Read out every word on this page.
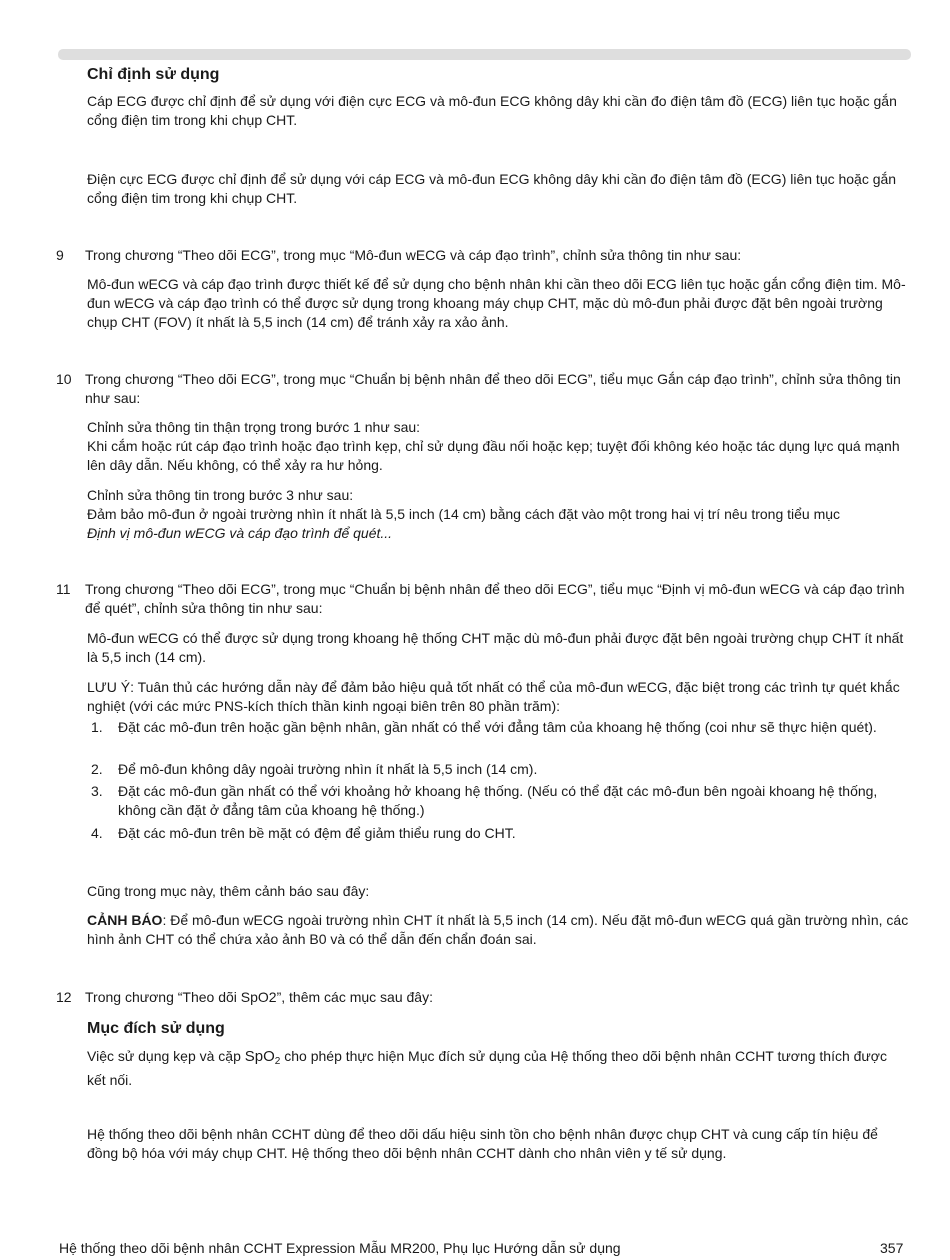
Chỉ định sử dụng
Cáp ECG được chỉ định để sử dụng với điện cực ECG và mô-đun ECG không dây khi cần đo điện tâm đồ (ECG) liên tục hoặc gắn cổng điện tim trong khi chụp CHT.
Điện cực ECG được chỉ định để sử dụng với cáp ECG và mô-đun ECG không dây khi cần đo điện tâm đồ (ECG) liên tục hoặc gắn cổng điện tim trong khi chụp CHT.
9 Trong chương “Theo dõi ECG”, trong mục “Mô-đun wECG và cáp đạo trình”, chỉnh sửa thông tin như sau:
Mô-đun wECG và cáp đạo trình được thiết kế để sử dụng cho bệnh nhân khi cần theo dõi ECG liên tục hoặc gắn cổng điện tim. Mô-đun wECG và cáp đạo trình có thể được sử dụng trong khoang máy chụp CHT, mặc dù mô-đun phải được đặt bên ngoài trường chụp CHT (FOV) ít nhất là 5,5 inch (14 cm) để tránh xảy ra xảo ảnh.
10 Trong chương “Theo dõi ECG”, trong mục “Chuẩn bị bệnh nhân để theo dõi ECG”, tiểu mục Gắn cáp đạo trình”, chỉnh sửa thông tin như sau:
Chỉnh sửa thông tin thận trọng trong bước 1 như sau:
Khi cắm hoặc rút cáp đạo trình hoặc đạo trình kẹp, chỉ sử dụng đầu nối hoặc kẹp; tuyệt đối không kéo hoặc tác dụng lực quá mạnh lên dây dẫn. Nếu không, có thể xảy ra hư hỏng.
Chỉnh sửa thông tin trong bước 3 như sau:
Đảm bảo mô-đun ở ngoài trường nhìn ít nhất là 5,5 inch (14 cm) bằng cách đặt vào một trong hai vị trí nêu trong tiểu mục
Định vị mô-đun wECG và cáp đạo trình để quét...
11 Trong chương “Theo dõi ECG”, trong mục “Chuẩn bị bệnh nhân để theo dõi ECG”, tiểu mục “Định vị mô-đun wECG và cáp đạo trình để quét”, chỉnh sửa thông tin như sau:
Mô-đun wECG có thể được sử dụng trong khoang hệ thống CHT mặc dù mô-đun phải được đặt bên ngoài trường chụp CHT ít nhất là 5,5 inch (14 cm).
LƯU Ý: Tuân thủ các hướng dẫn này để đảm bảo hiệu quả tốt nhất có thể của mô-đun wECG, đặc biệt trong các trình tự quét khắc nghiệt (với các mức PNS-kích thích thần kinh ngoại biên trên 80 phần trăm):
1. Đặt các mô-đun trên hoặc gần bệnh nhân, gần nhất có thể với đẳng tâm của khoang hệ thống (coi như sẽ thực hiện quét).
2. Để mô-đun không dây ngoài trường nhìn ít nhất là 5,5 inch (14 cm).
3. Đặt các mô-đun gần nhất có thể với khoảng hở khoang hệ thống. (Nếu có thể đặt các mô-đun bên ngoài khoang hệ thống, không cần đặt ở đẳng tâm của khoang hệ thống.)
4. Đặt các mô-đun trên bề mặt có đệm để giảm thiểu rung do CHT.
Cũng trong mục này, thêm cảnh báo sau đây:
CẢNH BÁO: Để mô-đun wECG ngoài trường nhìn CHT ít nhất là 5,5 inch (14 cm). Nếu đặt mô-đun wECG quá gần trường nhìn, các hình ảnh CHT có thể chứa xảo ảnh B0 và có thể dẫn đến chẩn đoán sai.
12 Trong chương “Theo dõi SpO2”, thêm các mục sau đây:
Mục đích sử dụng
Việc sử dụng kẹp và cặp SpO$_2$ cho phép thực hiện Mục đích sử dụng của Hệ thống theo dõi bệnh nhân CCHT tương thích được kết nối.
Hệ thống theo dõi bệnh nhân CCHT dùng để theo dõi dấu hiệu sinh tồn cho bệnh nhân được chụp CHT và cung cấp tín hiệu để đồng bộ hóa với máy chụp CHT. Hệ thống theo dõi bệnh nhân CCHT dành cho nhân viên y tế sử dụng.
Hệ thống theo dõi bệnh nhân CCHT Expression Mẫu MR200, Phụ lục Hướng dẫn sử dụng	357
